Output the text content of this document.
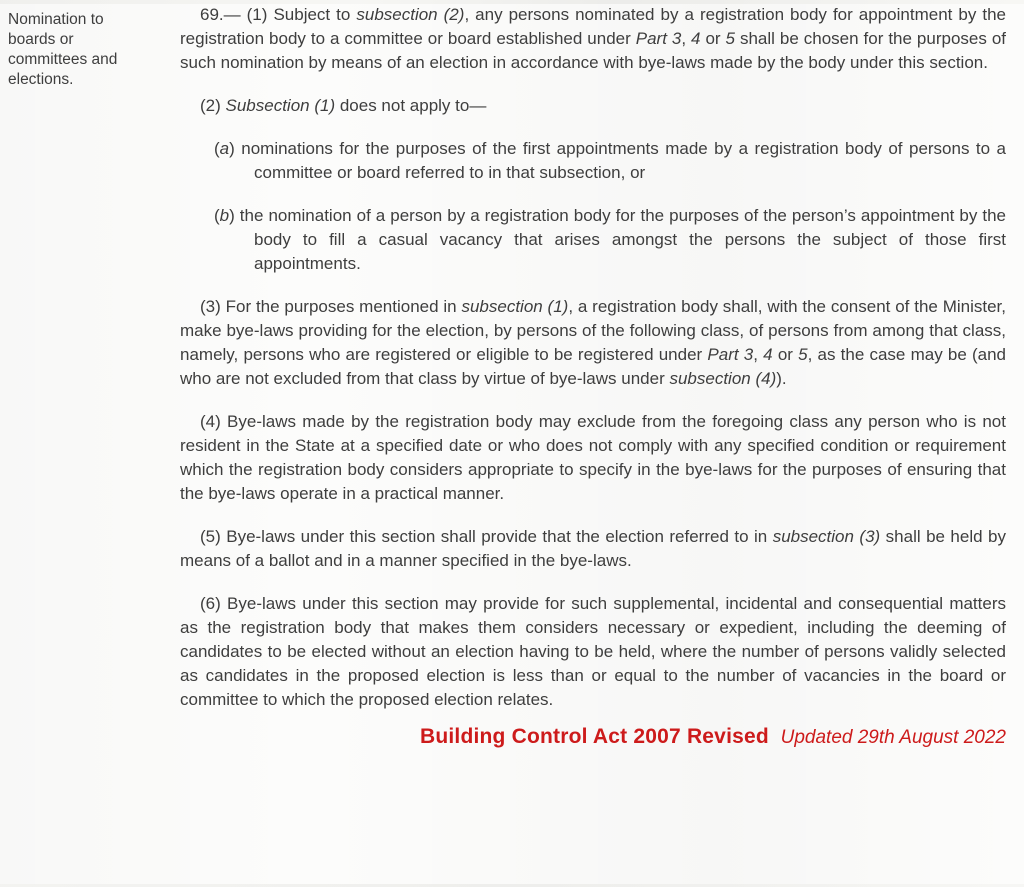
Nomination to
boards or
committees and
elections.
69.— (1) Subject to subsection (2), any persons nominated by a registration body for appointment by the registration body to a committee or board established under Part 3, 4 or 5 shall be chosen for the purposes of such nomination by means of an election in accordance with bye-laws made by the body under this section.
(2) Subsection (1) does not apply to—
(a) nominations for the purposes of the first appointments made by a registration body of persons to a committee or board referred to in that subsection, or
(b) the nomination of a person by a registration body for the purposes of the person’s appointment by the body to fill a casual vacancy that arises amongst the persons the subject of those first appointments.
(3) For the purposes mentioned in subsection (1), a registration body shall, with the consent of the Minister, make bye-laws providing for the election, by persons of the following class, of persons from among that class, namely, persons who are registered or eligible to be registered under Part 3, 4 or 5, as the case may be (and who are not excluded from that class by virtue of bye-laws under subsection (4)).
(4) Bye-laws made by the registration body may exclude from the foregoing class any person who is not resident in the State at a specified date or who does not comply with any specified condition or requirement which the registration body considers appropriate to specify in the bye-laws for the purposes of ensuring that the bye-laws operate in a practical manner.
(5) Bye-laws under this section shall provide that the election referred to in subsection (3) shall be held by means of a ballot and in a manner specified in the bye-laws.
(6) Bye-laws under this section may provide for such supplemental, incidental and consequential matters as the registration body that makes them considers necessary or expedient, including the deeming of candidates to be elected without an election having to be held, where the number of persons validly selected as candidates in the proposed election is less than or equal to the number of vacancies in the board or committee to which the proposed election relates.
Building Control Act 2007 Revised Updated 29th August 2022
